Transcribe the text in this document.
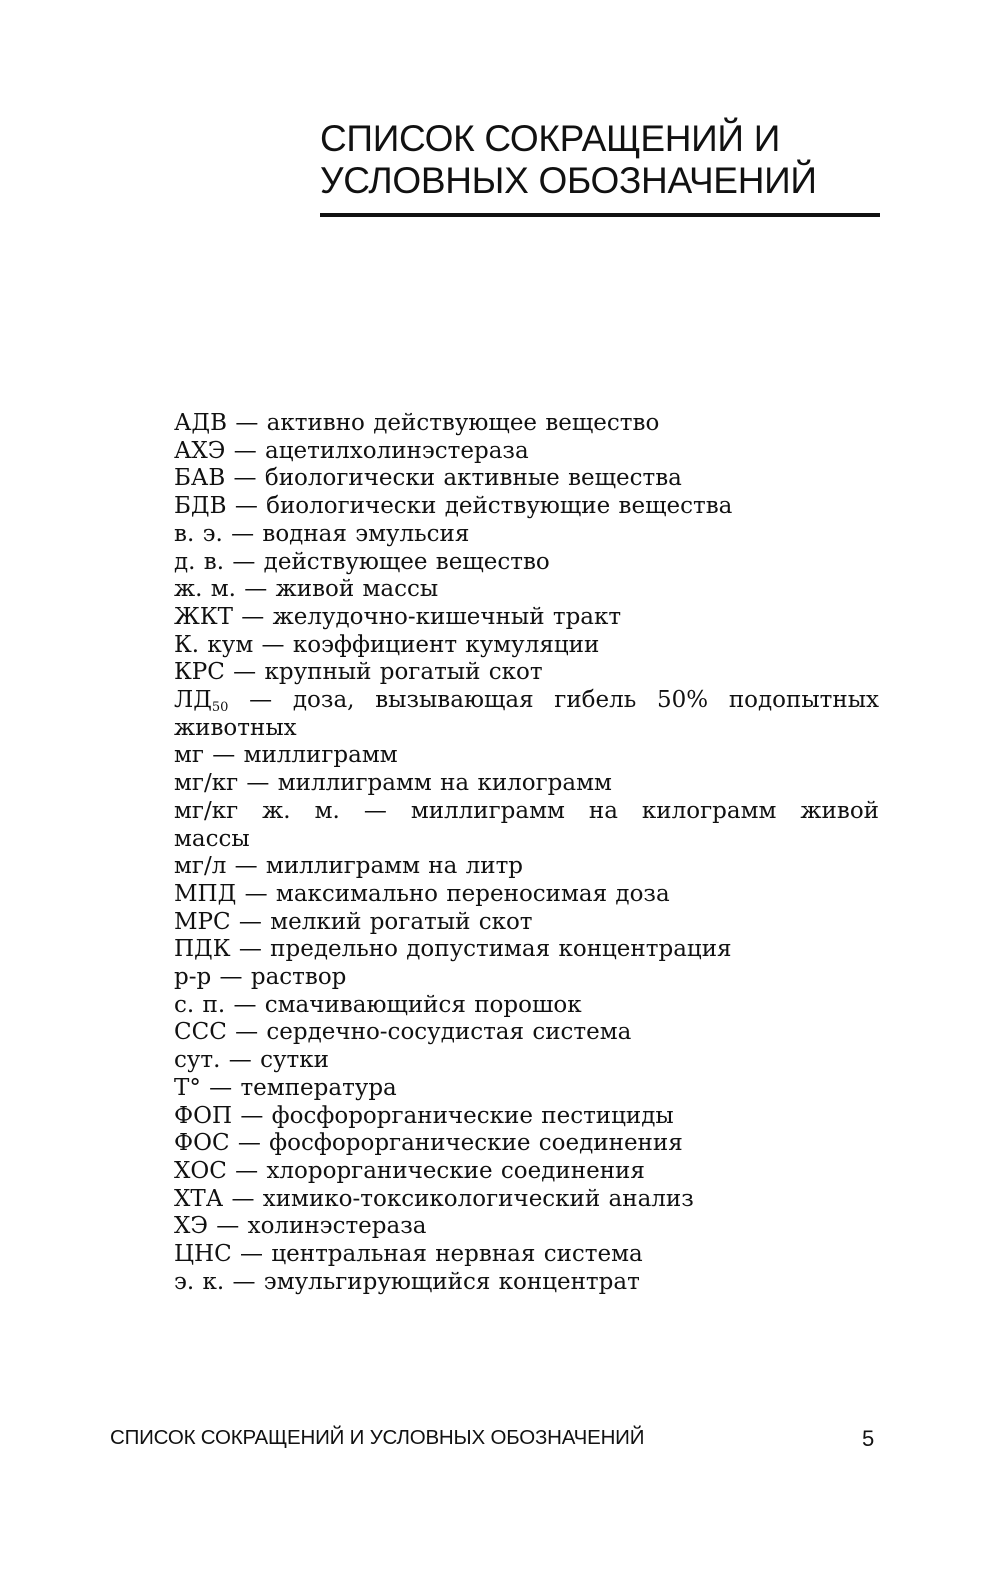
СПИСОК СОКРАЩЕНИЙ И
УСЛОВНЫХ ОБОЗНАЧЕНИЙ
АДВ — активно действующее вещество
АХЭ — ацетилхолинэстераза
БАВ — биологически активные вещества
БДВ — биологически действующие вещества
в. э. — водная эмульсия
д. в. — действующее вещество
ж. м. — живой массы
ЖКТ — желудочно-кишечный тракт
К. кум — коэффициент кумуляции
КРС — крупный рогатый скот
$ЛД_{50}$ — доза, вызывающая гибель 50% подопытных животных
мг — миллиграмм
мг/кг — миллиграмм на килограмм
мг/кг ж. м. — миллиграмм на килограмм живой массы
мг/л — миллиграмм на литр
МПД — максимально переносимая доза
МРС — мелкий рогатый скот
ПДК — предельно допустимая концентрация
р-р — раствор
с. п. — смачивающийся порошок
ССС — сердечно-сосудистая система
сут. — сутки
Т° — температура
ФОП — фосфорорганические пестициды
ФОС — фосфорорганические соединения
ХОС — хлорорганические соединения
ХТА — химико-токсикологический анализ
ХЭ — холинэстераза
ЦНС — центральная нервная система
э. к. — эмульгирующийся концентрат
СПИСОК СОКРАЩЕНИЙ И УСЛОВНЫХ ОБОЗНАЧЕНИЙ	5
